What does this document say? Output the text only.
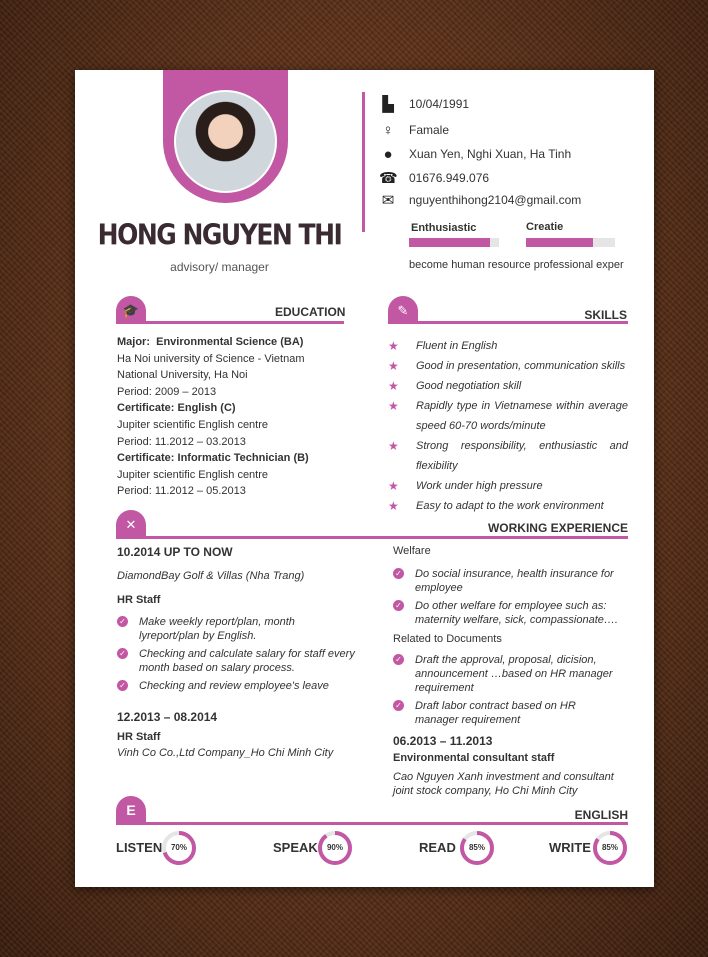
HONG NGUYEN THI
advisory/ manager
▙ 10/04/1991
♀ Famale
●	Xuan Yen, Nghi Xuan, Ha Tinh
☎ 01676.949.076
✉ nguyenthihong2104@gmail.com
Enthusiastic	Creatie
become human resource professional exper
🎓	EDUCATION
Major: Environmental Science (BA)
Ha Noi university of Science - Vietnam National University, Ha Noi
Period: 2009 – 2013
Certificate: English (C)
Jupiter scientific English centre
Period: 11.2012 – 03.2013
Certificate: Informatic Technician (B)
Jupiter scientific English centre
Period: 11.2012 – 05.2013
✎	SKILLS
★ Fluent in English
★ Good in presentation, communication skills
★ Good negotiation skill
★ Rapidly type in Vietnamese within average speed 60-70 words/minute
★ Strong responsibility, enthusiastic and flexibility
★ Work under high pressure
★ Easy to adapt to the work environment
✕	WORKING EXPERIENCE
10.2014 UP TO NOW
DiamondBay Golf & Villas (Nha Trang)
HR Staff
✓ Make weekly report/plan, month lyreport/plan by English.
✓ Checking and calculate salary for staff every month based on salary process.
✓ Checking and review employee's leave
12.2013 – 08.2014
HR Staff
Vinh Co Co.,Ltd Company_Ho Chi Minh City
Welfare
✓ Do social insurance, health insurance for employee
✓ Do other welfare for employee such as: maternity welfare, sick, compassionate….
Related to Documents
✓ Draft the approval, proposal, dicision, announcement …based on HR manager requirement
✓ Draft labor contract based on HR manager requirement
06.2013 – 11.2013
Environmental consultant staff
Cao Nguyen Xanh investment and consultant joint stock company, Ho Chi Minh City
E	ENGLISH
LISTEN	70%	SPEAK	90%	READ	85%	WRITE	85%
